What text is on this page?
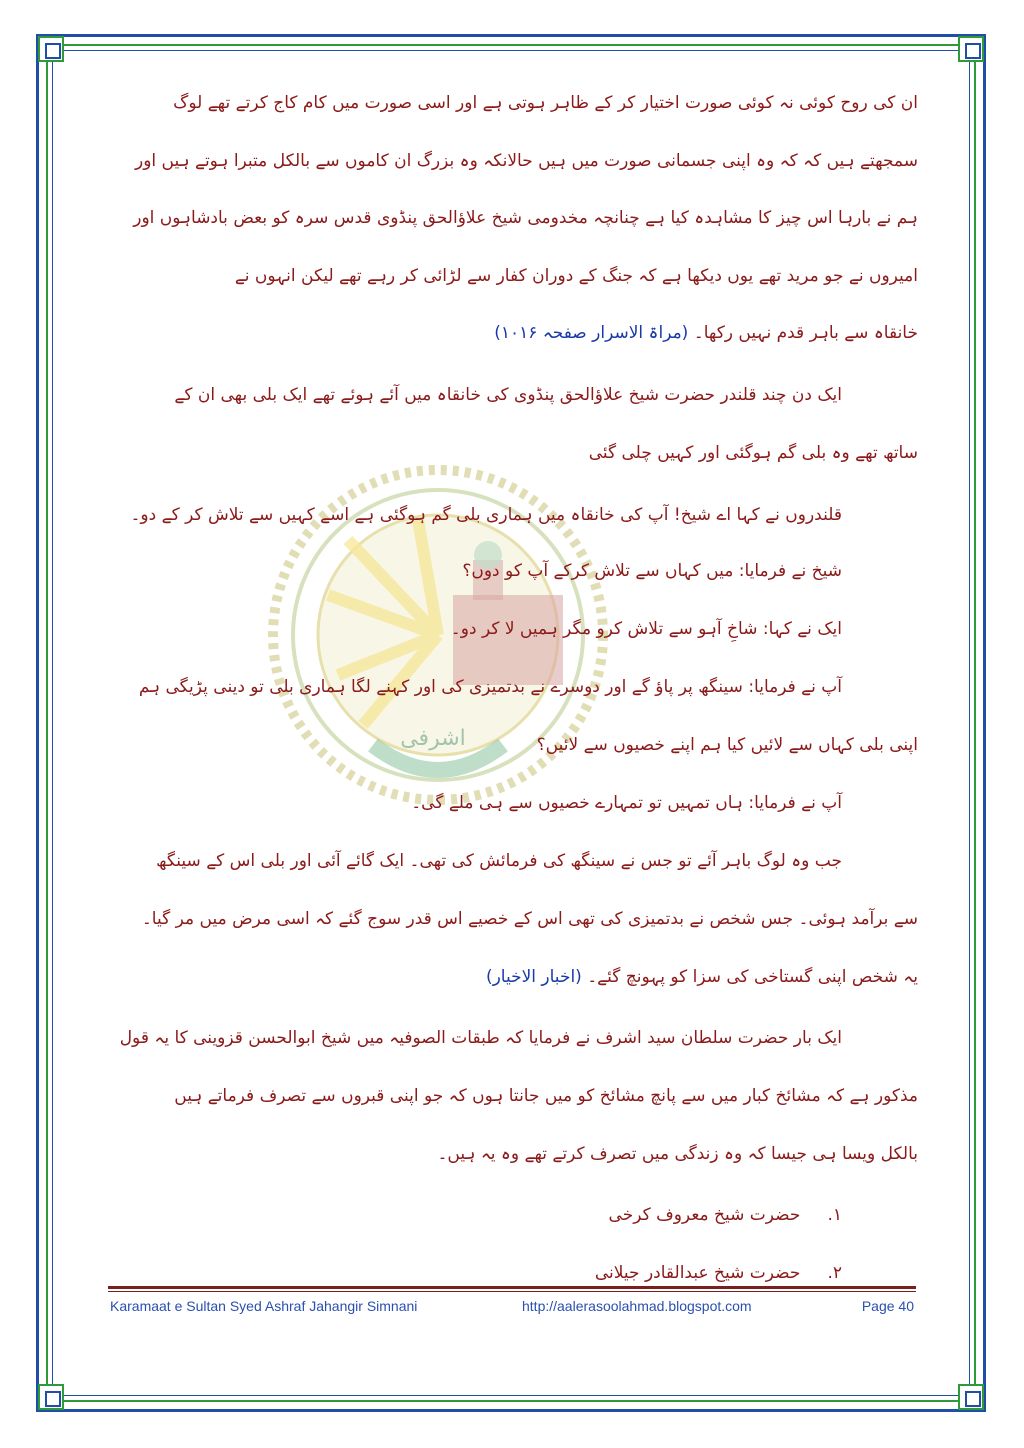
اشرفی
ان کی روح کوئی نہ کوئی صورت اختیار کر کے ظاہر ہوتی ہے اور اسی صورت میں کام کاج کرتے تھے لوگ
سمجھتے ہیں کہ کہ وہ اپنی جسمانی صورت میں ہیں حالانکہ وہ بزرگ ان کاموں سے بالکل متبرا ہوتے ہیں اور
ہم نے بارہا اس چیز کا مشاہدہ کیا ہے چنانچہ مخدومی شیخ علاؤالحق پنڈوی قدس سرہ کو بعض بادشاہوں اور
امیروں نے جو مرید تھے یوں دیکھا ہے کہ جنگ کے دوران کفار سے لڑائی کر رہے تھے لیکن انہوں نے
خانقاہ سے باہر قدم نہیں رکھا۔ (مراۃ الاسرار صفحہ ۱۰۱۶)
ایک دن چند قلندر حضرت شیخ علاؤالحق پنڈوی کی خانقاہ میں آئے ہوئے تھے ایک بلی بھی ان کے
ساتھ تھے وہ بلی گم ہوگئی اور کہیں چلی گئی
قلندروں نے کہا اے شیخ! آپ کی خانقاہ میں ہماری بلی گم ہوگئی ہے اسے کہیں سے تلاش کر کے دو۔
شیخ نے فرمایا: میں کہاں سے تلاش کرکے آپ کو دوں؟
ایک نے کہا: شاخِ آہو سے تلاش کرو مگر ہمیں لا کر دو۔
آپ نے فرمایا: سینگھ پر پاؤ گے اور دوسرے نے بدتمیزی کی اور کہنے لگا ہماری بلی تو دینی پڑیگی ہم
اپنی بلی کہاں سے لائیں کیا ہم اپنے خصیوں سے لائیں؟
آپ نے فرمایا: ہاں تمہیں تو تمہارے خصیوں سے ہی ملے گی۔
جب وہ لوگ باہر آئے تو جس نے سینگھ کی فرمائش کی تھی۔ ایک گائے آئی اور بلی اس کے سینگھ
سے برآمد ہوئی۔ جس شخص نے بدتمیزی کی تھی اس کے خصیے اس قدر سوج گئے کہ اسی مرض میں مر گیا۔
یہ شخص اپنی گستاخی کی سزا کو پہونچ گئے۔ (اخبار الاخیار)
ایک بار حضرت سلطان سید اشرف نے فرمایا کہ طبقات الصوفیہ میں شیخ ابوالحسن قزوینی کا یہ قول
مذکور ہے کہ مشائخ کبار میں سے پانچ مشائخ کو میں جانتا ہوں کہ جو اپنی قبروں سے تصرف فرماتے ہیں
بالکل ویسا ہی جیسا کہ وہ زندگی میں تصرف کرتے تھے وہ یہ ہیں۔
۱.     حضرت شیخ معروف کرخی
۲.     حضرت شیخ عبدالقادر جیلانی
Karamaat e Sultan Syed Ashraf Jahangir Simnani	http://aalerasoolahmad.blogspot.com	Page 40
